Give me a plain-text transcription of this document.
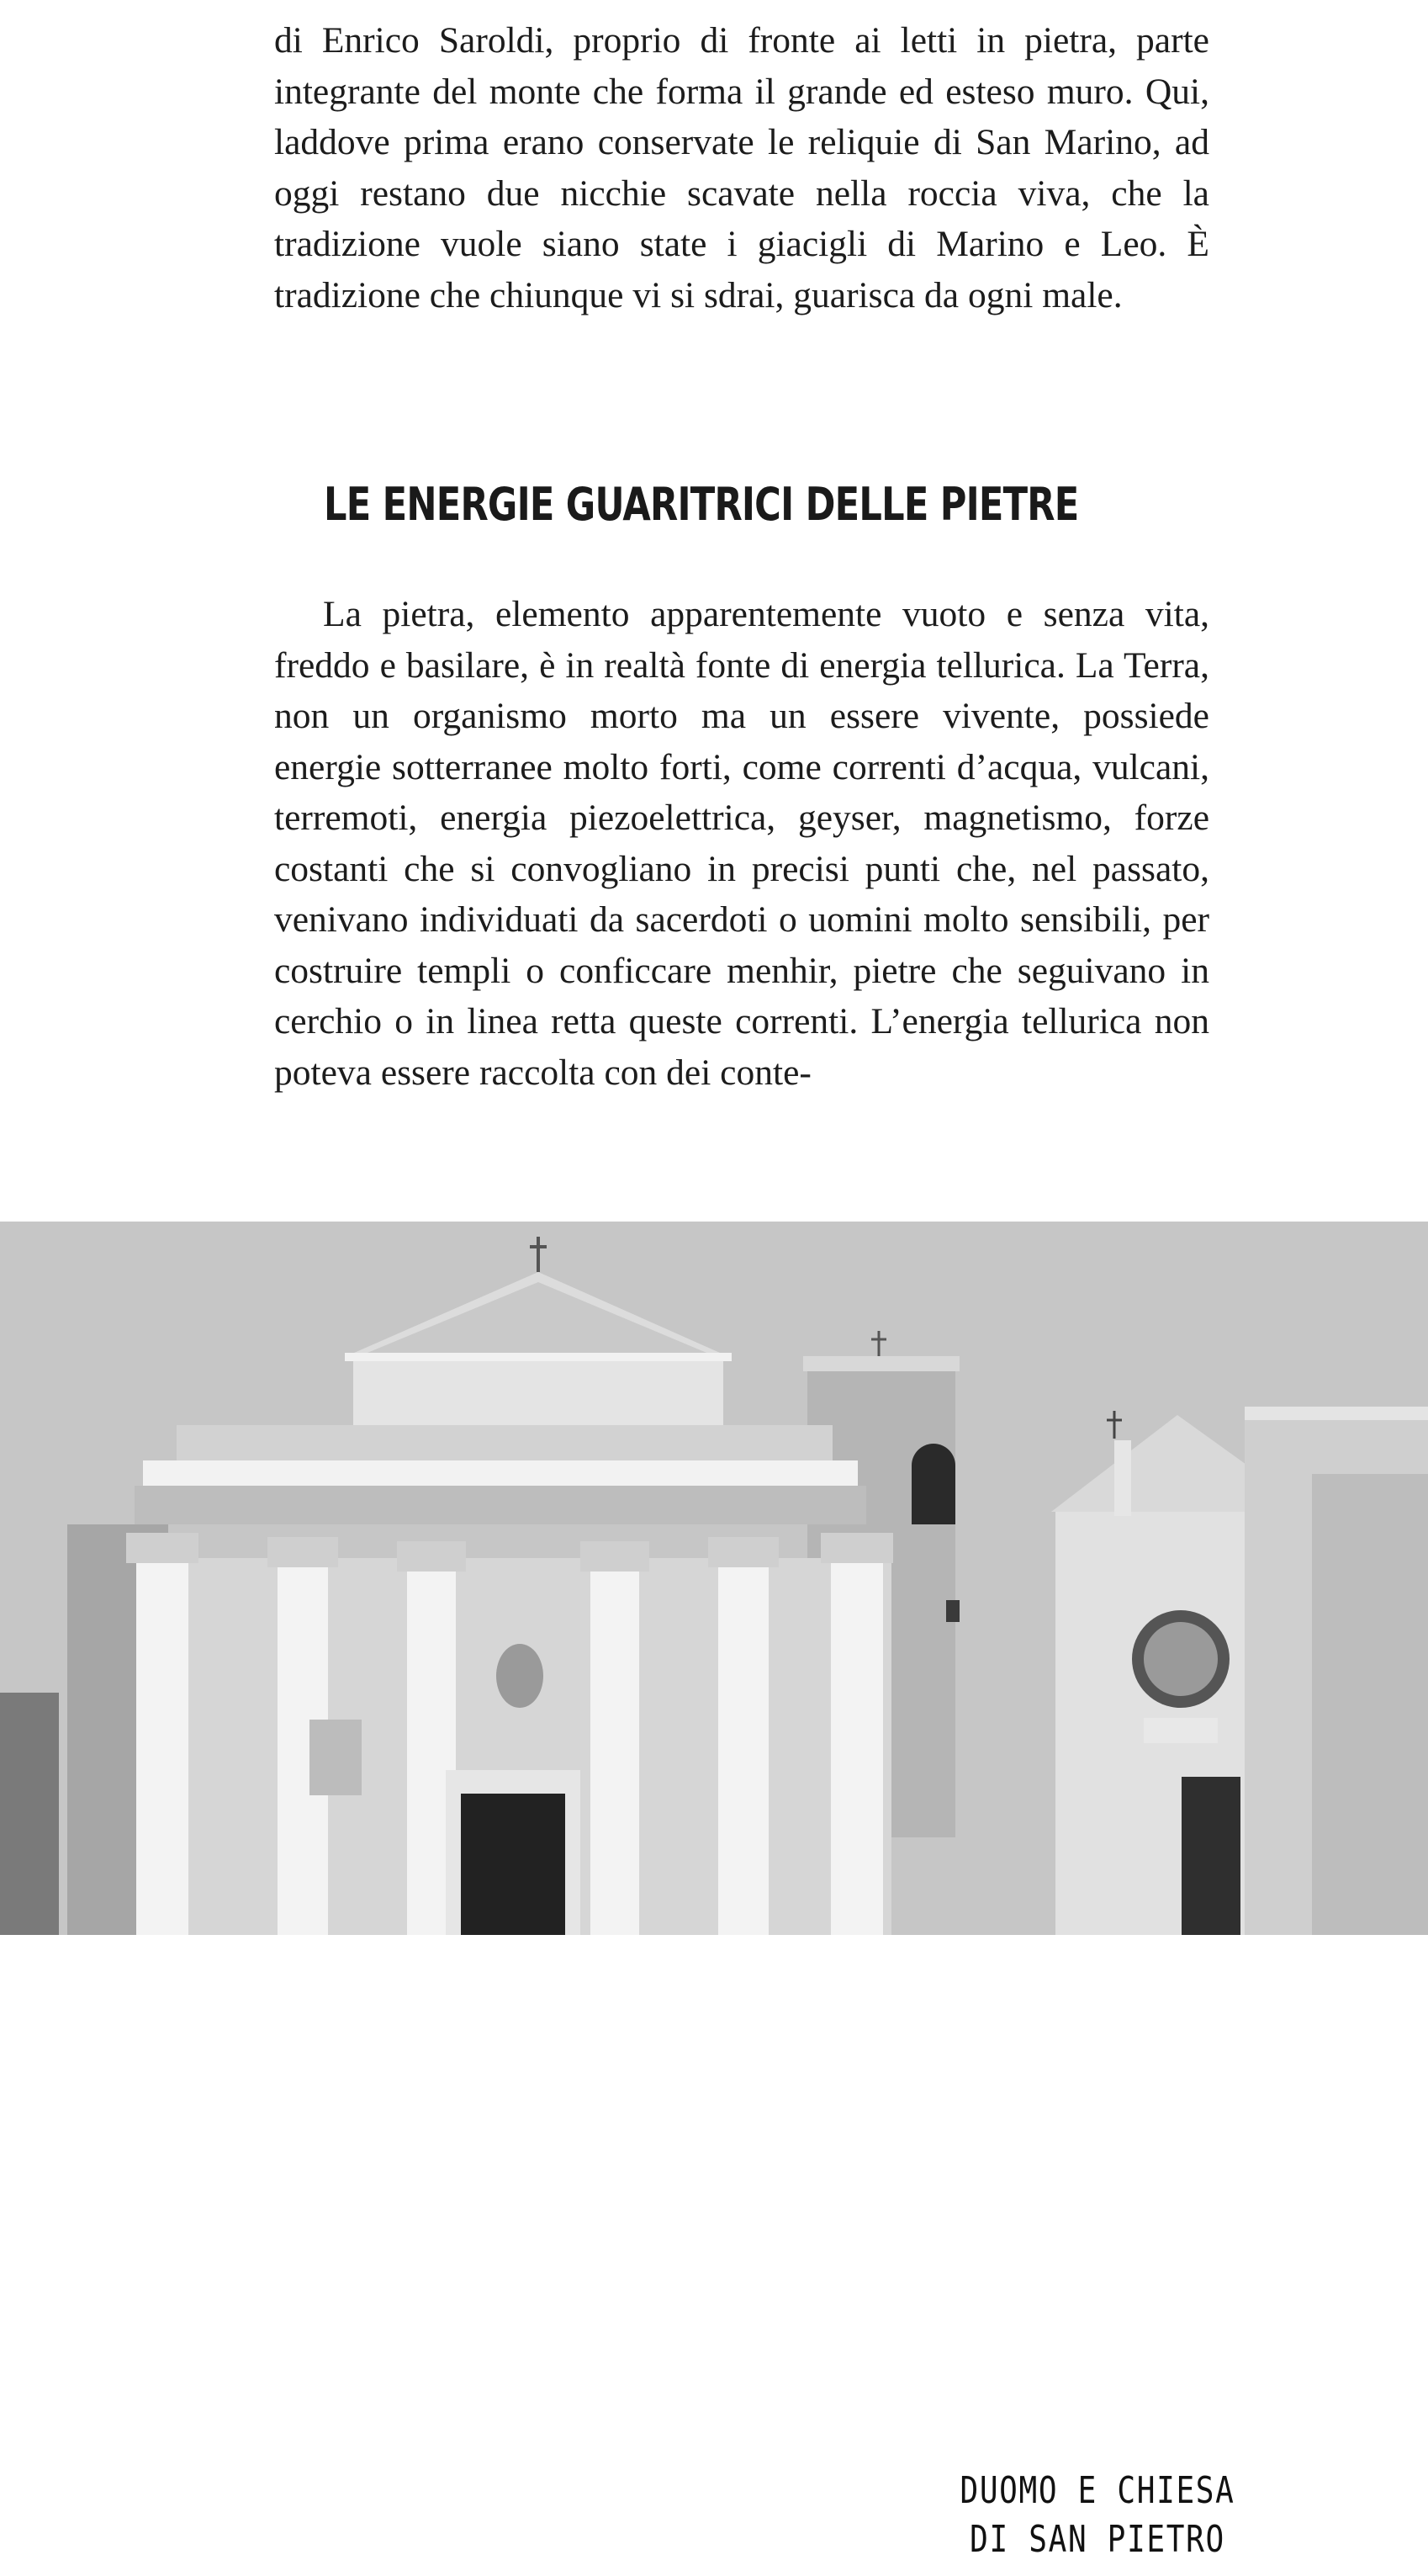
di Enrico Saroldi, proprio di fronte ai letti in pietra, parte integrante del monte che forma il grande ed esteso muro. Qui, laddove prima erano conservate le reliquie di San Marino, ad oggi restano due nicchie scavate nella roccia viva, che la tradizione vuole siano state i giacigli di Marino e Leo. È tradizione che chiunque vi si sdrai, guarisca da ogni male.

LE ENERGIE GUARITRICI DELLE PIETRE

La pietra, elemento apparentemente vuoto e senza vita, freddo e basilare, è in realtà fonte di energia tellurica. La Terra, non un organismo morto ma un essere vivente, possiede energie sotterranee molto forti, come correnti d’acqua, vulcani, terremoti, energia piezoelettrica, geyser, magnetismo, forze costanti che si convogliano in precisi punti che, nel passato, venivano individuati da sacerdoti o uomini molto sensibili, per costruire templi o conficcare menhir, pietre che seguivano in cerchio o in linea retta queste correnti. L’energia tellurica non poteva essere raccolta con dei conte-

DUOMO E CHIESA
DI SAN PIETRO
